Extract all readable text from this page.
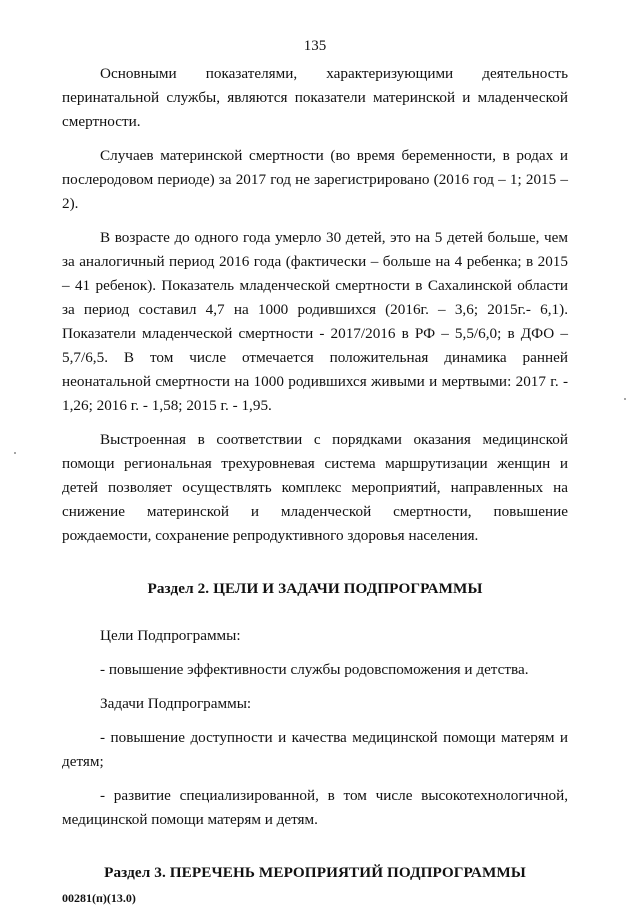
135

Основными показателями, характеризующими деятельность перинатальной службы, являются показатели материнской и младенческой смертности.

Случаев материнской смертности (во время беременности, в родах и послеродовом периоде) за 2017 год не зарегистрировано (2016 год – 1; 2015 – 2).

В возрасте до одного года умерло 30 детей, это на 5 детей больше, чем за аналогичный период 2016 года (фактически – больше на 4 ребенка; в 2015 – 41 ребенок). Показатель младенческой смертности в Сахалинской области за период составил 4,7 на 1000 родившихся (2016г. – 3,6; 2015г.- 6,1). Показатели младенческой смертности - 2017/2016 в РФ – 5,5/6,0; в ДФО – 5,7/6,5. В том числе отмечается положительная динамика ранней неонатальной смертности на 1000 родившихся живыми и мертвыми: 2017 г. - 1,26; 2016 г. - 1,58; 2015 г. - 1,95.

Выстроенная в соответствии с порядками оказания медицинской помощи региональная трехуровневая система маршрутизации женщин и детей позволяет осуществлять комплекс мероприятий, направленных на снижение материнской и младенческой смертности, повышение рождаемости, сохранение репродуктивного здоровья населения.

Раздел 2. ЦЕЛИ И ЗАДАЧИ ПОДПРОГРАММЫ

Цели Подпрограммы:

- повышение эффективности службы родовспоможения и детства.

Задачи Подпрограммы:

- повышение доступности и качества медицинской помощи матерям и детям;

- развитие специализированной, в том числе высокотехнологичной, медицинской помощи матерям и детям.

Раздел 3. ПЕРЕЧЕНЬ МЕРОПРИЯТИЙ ПОДПРОГРАММЫ
00281(п)(13.0)
